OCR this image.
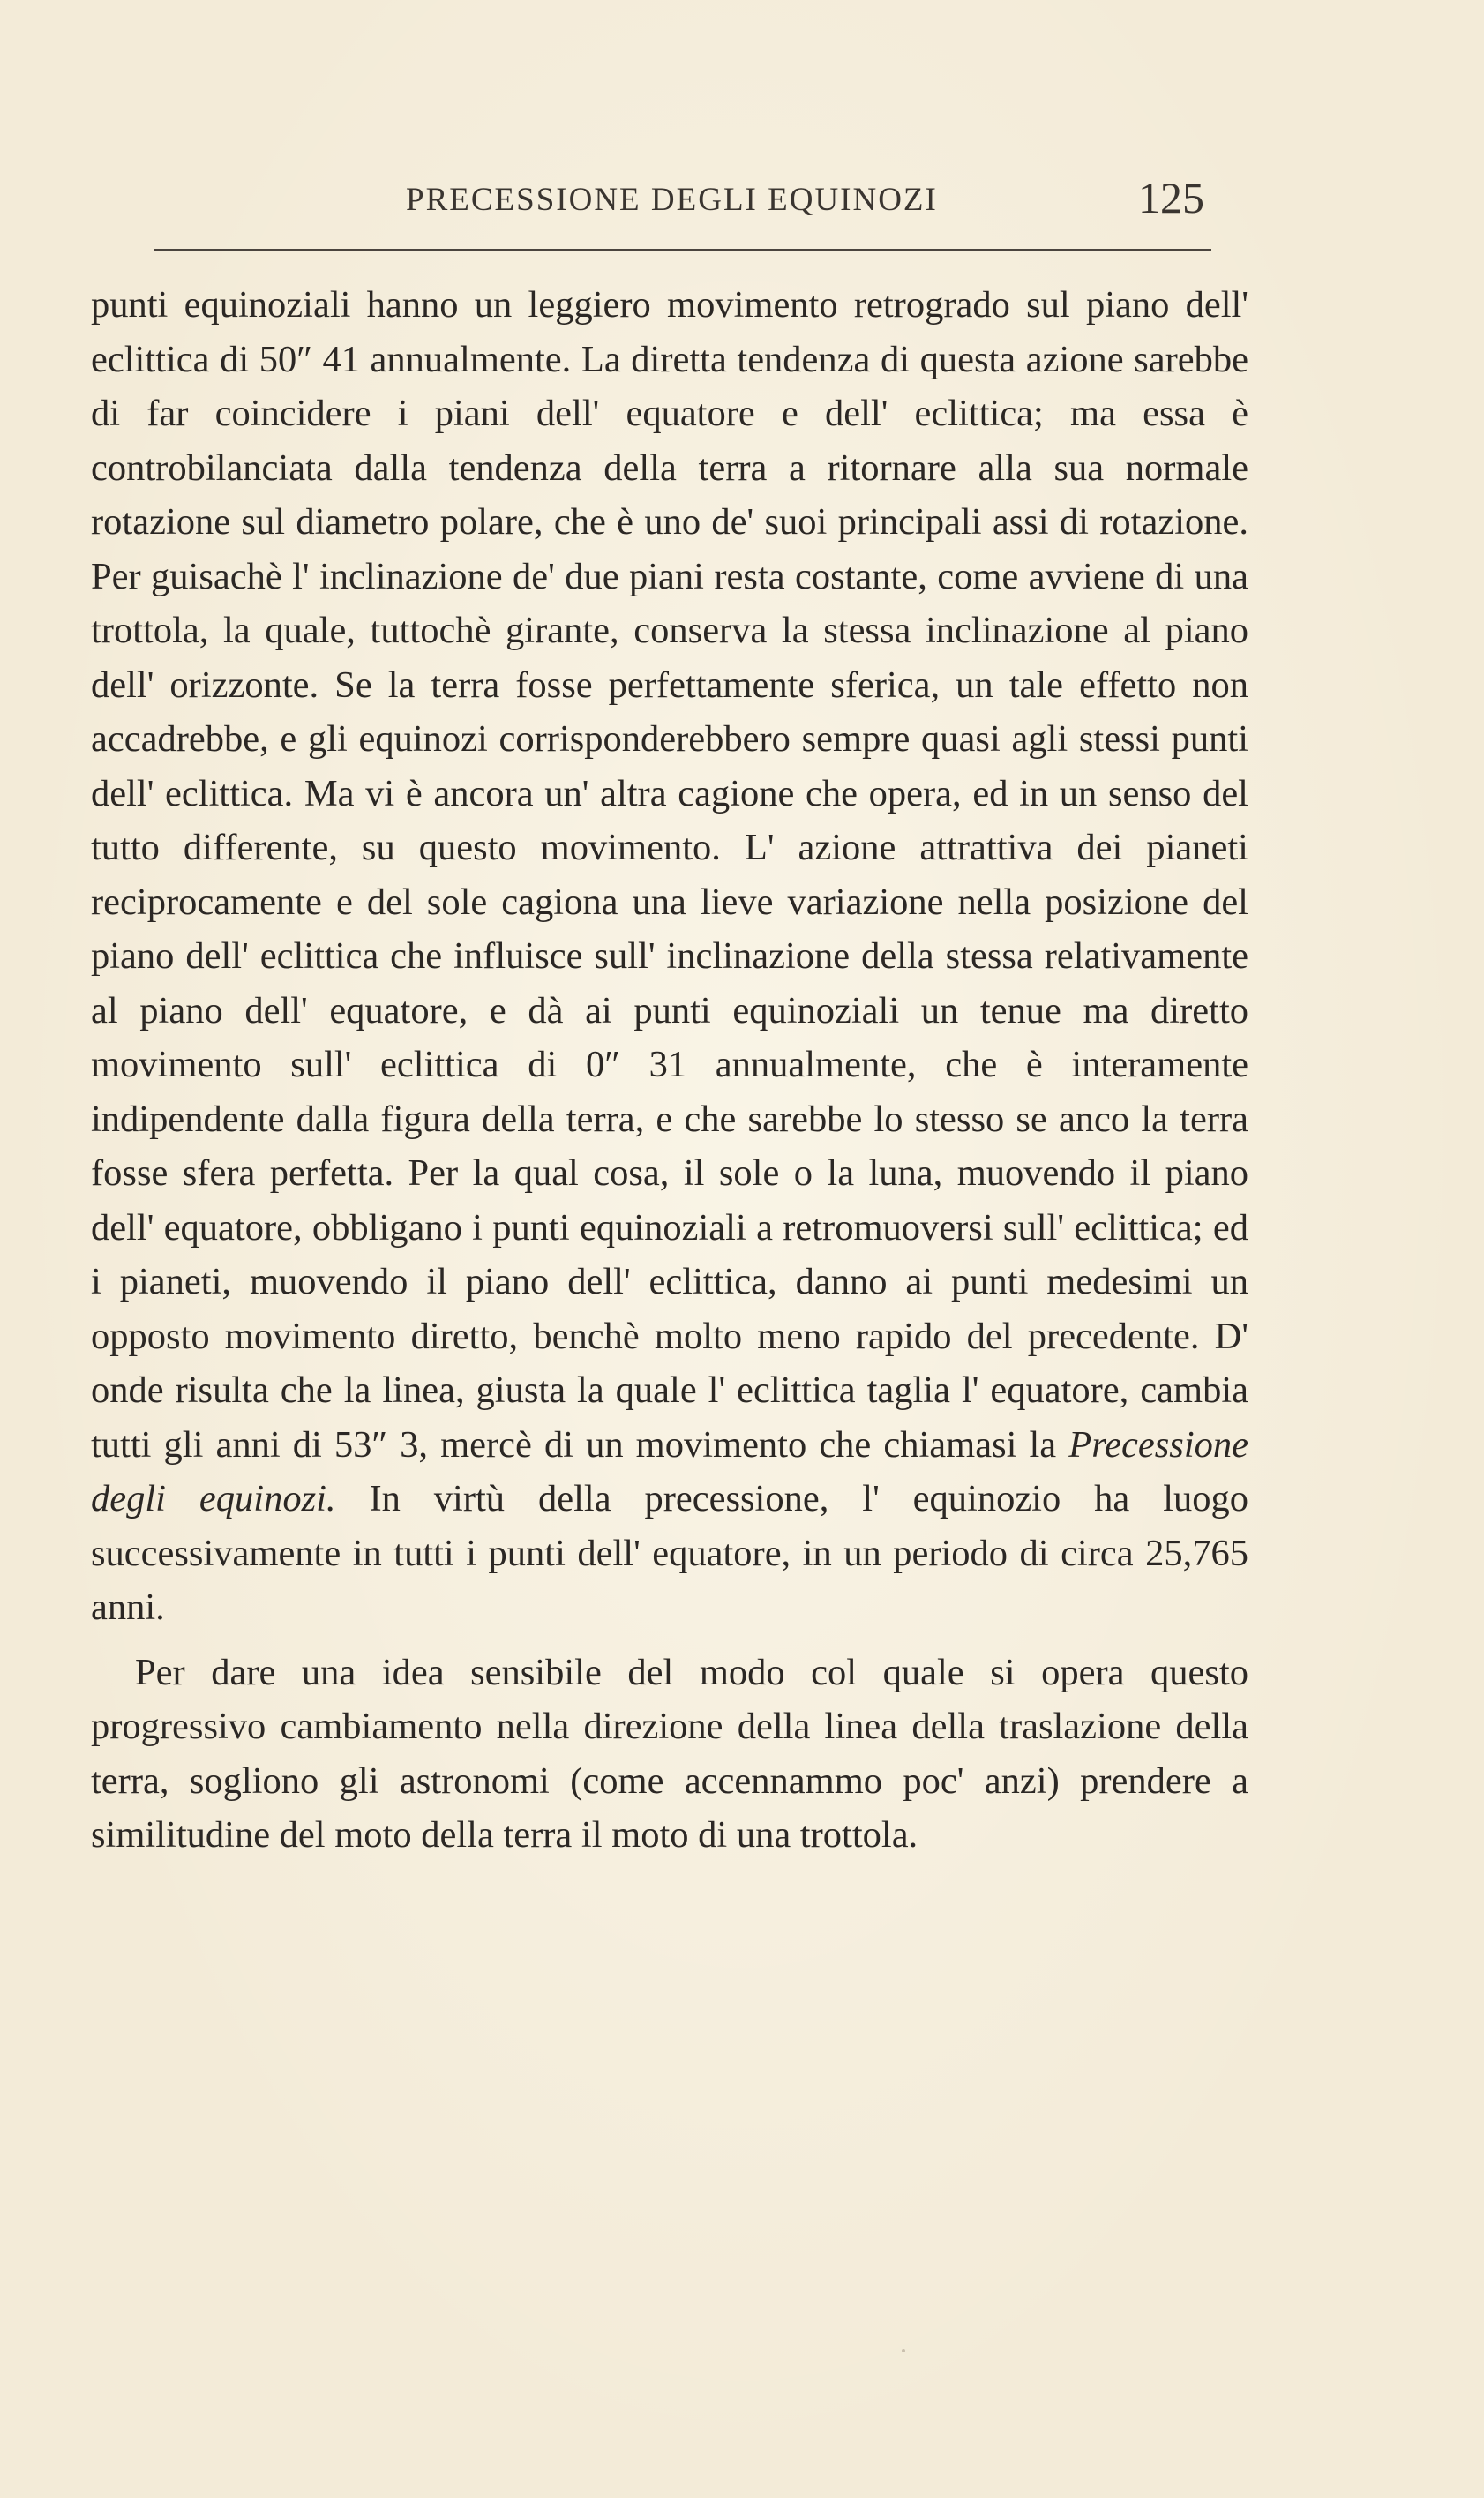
PRECESSIONE DEGLI EQUINOZI	125

punti equinoziali hanno un leggiero movimento retrogrado sul piano dell' eclittica di 50″ 41 annualmente. La diretta tendenza di questa azione sarebbe di far coincidere i piani dell' equatore e dell' eclittica; ma essa è controbilanciata dalla tendenza della terra a ritornare alla sua normale rotazione sul diametro polare, che è uno de' suoi principali assi di rotazione. Per guisachè l' inclinazione de' due piani resta costante, come avviene di una trottola, la quale, tuttochè girante, conserva la stessa inclinazione al piano dell' orizzonte. Se la terra fosse perfettamente sferica, un tale effetto non accadrebbe, e gli equinozi corrisponderebbero sempre quasi agli stessi punti dell' eclittica. Ma vi è ancora un' altra cagione che opera, ed in un senso del tutto differente, su questo movimento. L' azione attrattiva dei pianeti reciprocamente e del sole cagiona una lieve variazione nella posizione del piano dell' eclittica che influisce sull' inclinazione della stessa relativamente al piano dell' equatore, e dà ai punti equinoziali un tenue ma diretto movimento sull' eclittica di 0″ 31 annualmente, che è interamente indipendente dalla figura della terra, e che sarebbe lo stesso se anco la terra fosse sfera perfetta. Per la qual cosa, il sole o la luna, muovendo il piano dell' equatore, obbligano i punti equinoziali a retromuoversi sull' eclittica; ed i pianeti, muovendo il piano dell' eclittica, danno ai punti medesimi un opposto movimento diretto, benchè molto meno rapido del precedente. D' onde risulta che la linea, giusta la quale l' eclittica taglia l' equatore, cambia tutti gli anni di 53″ 3, mercè di un movimento che chiamasi la Precessione degli equinozi. In virtù della precessione, l' equinozio ha luogo successivamente in tutti i punti dell' equatore, in un periodo di circa 25,765 anni.

Per dare una idea sensibile del modo col quale si opera questo progressivo cambiamento nella direzione della linea della traslazione della terra, sogliono gli astronomi (come accennammo poc' anzi) prendere a similitudine del moto della terra il moto di una trottola.
